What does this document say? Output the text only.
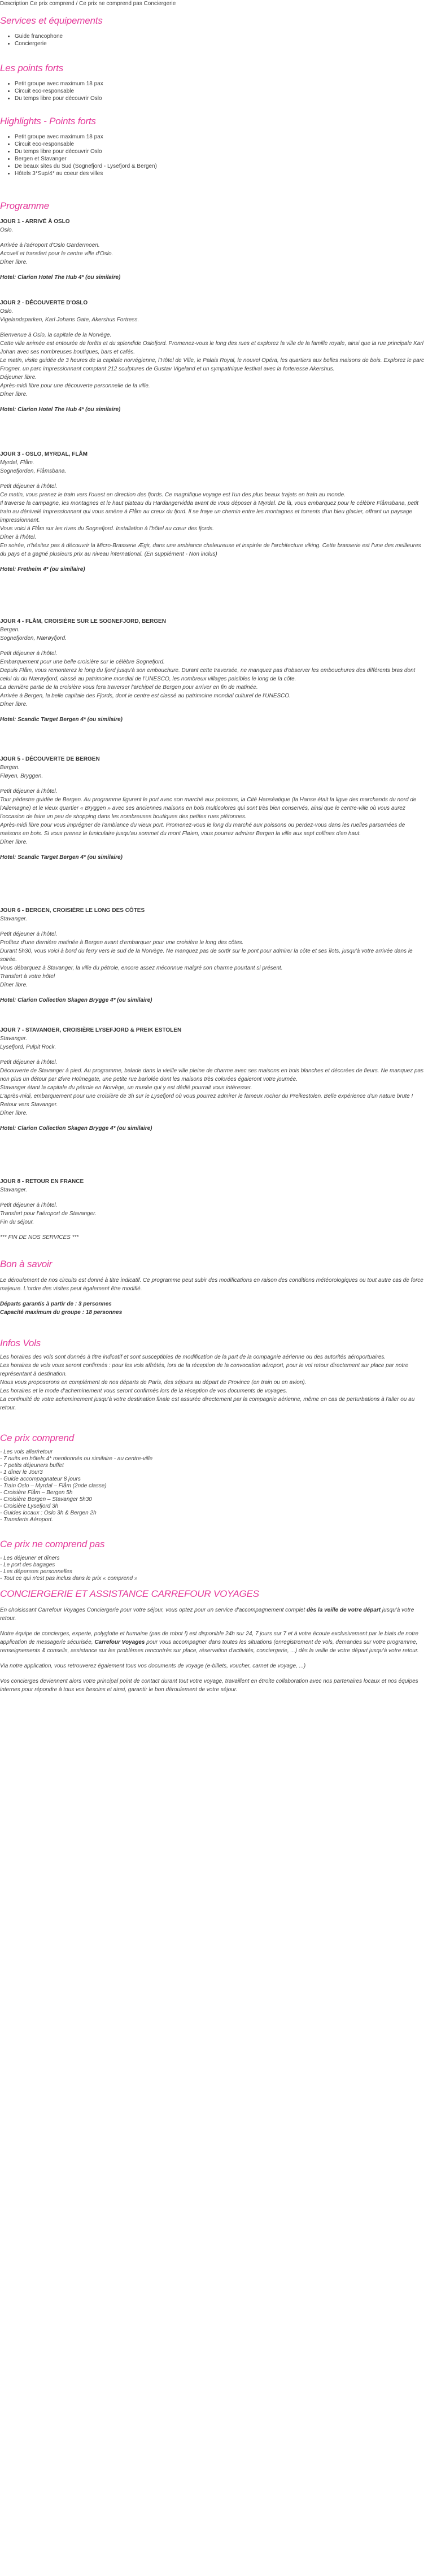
Description Ce prix comprend / Ce prix ne comprend pas Conciergerie

Services et équipements
• Guide francophone
• Conciergerie
Les points forts
• Petit groupe avec maximum 18 pax
• Circuit eco-responsable
• Du temps libre pour découvrir Oslo
Highlights - Points forts
• Petit groupe avec maximum 18 pax
• Circuit eco-responsable
• Du temps libre pour découvrir Oslo
• Bergen et Stavanger
• De beaux sites du Sud (Sognefjord - Lysefjord & Bergen)
• Hôtels 3*Sup/4* au coeur des villes
Programme

JOUR 1 - ARRIVÉ À OSLO

Oslo.

Arrivée à l'aéroport d'Oslo Gardermoen.

Accueil et transfert pour le centre ville d'Oslo.

Dîner libre.

Hotel: Clarion Hotel The Hub 4* (ou similaire)

JOUR 2 - DÉCOUVERTE D'OSLO

Oslo.

Vigelandsparken, Karl Johans Gate, Akershus Fortress.

Bienvenue à Oslo, la capitale de la Norvège.

Cette ville animée est entourée de forêts et du splendide Oslofjord. Promenez-vous le long des rues et explorez la ville de la famille royale, ainsi que la rue principale Karl Johan avec ses nombreuses boutiques, bars et cafés.

Le matin, visite guidée de 3 heures de la capitale norvégienne, l'Hôtel de Ville, le Palais Royal, le nouvel Opéra, les quartiers aux belles maisons de bois. Explorez le parc Frogner, un parc impressionnant comptant 212 sculptures de Gustav Vigeland et un sympathique festival avec la forteresse Akershus.

Déjeuner libre.

Après-midi libre pour une découverte personnelle de la ville.

Dîner libre.

Hotel: Clarion Hotel The Hub 4* (ou similaire)

JOUR 3 - OSLO, MYRDAL, FLÅM

Myrdal, Flåm.

Sognefjorden, Flåmsbana.

Petit déjeuner à l'hôtel.

Ce matin, vous prenez le train vers l'ouest en direction des fjords. Ce magnifique voyage est l'un des plus beaux trajets en train au monde.

Il traverse la campagne, les montagnes et le haut plateau du Hardangervidda avant de vous déposer à Myrdal. De là, vous embarquez pour le célèbre Flåmsbana, petit train au dénivelé impressionnant qui vous amène à Flåm au creux du fjord. Il se fraye un chemin entre les montagnes et torrents d'un bleu glacier, offrant un paysage impressionnant.

Vous voici à Flåm sur les rives du Sognefjord. Installation à l'hôtel au cœur des fjords.

Dîner à l'hôtel.

En soirée, n'hésitez pas à découvrir la Micro-Brasserie Ægir, dans une ambiance chaleureuse et inspirée de l'architecture viking. Cette brasserie est l'une des meilleures du pays et a gagné plusieurs prix au niveau international. (En supplément - Non inclus)

Hotel: Fretheim 4* (ou similaire)

JOUR 4 - FLÅM, CROISIÈRE SUR LE SOGNEFJORD, BERGEN

Bergen.

Sognefjorden, Nærøyfjord.

Petit déjeuner à l'hôtel.

Embarquement pour une belle croisière sur le célèbre Sognefjord.

Depuis Flåm, vous remonterez le long du fjord jusqu'à son embouchure. Durant cette traversée, ne manquez pas d'observer les embouchures des différents bras dont celui du du Nærøyfjord, classé au patrimoine mondial de l'UNESCO, les nombreux villages paisibles le long de la côte.

La dernière partie de la croisière vous fera traverser l'archipel de Bergen pour arriver en fin de matinée.

Arrivée à Bergen, la belle capitale des Fjords, dont le centre est classé au patrimoine mondial culturel de l'UNESCO.

Dîner libre.

Hotel: Scandic Target Bergen 4* (ou similaire)

JOUR 5 - DÉCOUVERTE DE BERGEN

Bergen.

Fløyen, Bryggen.

Petit déjeuner à l'hôtel.

Tour pédestre guidée de Bergen. Au programme figurent le port avec son marché aux poissons, la Cité Hanséatique (la Hanse était la ligue des marchands du nord de l'Allemagne) et le vieux quartier « Bryggen » avec ses anciennes maisons en bois multicolores qui sont très bien conservés, ainsi que le centre-ville où vous aurez l'occasion de faire un peu de shopping dans les nombreuses boutiques des petites rues piétonnes.

Après-midi libre pour vous imprégner de l'ambiance du vieux port. Promenez-vous le long du marché aux poissons ou perdez-vous dans les ruelles parsemées de maisons en bois. Si vous prenez le funiculaire jusqu'au sommet du mont Fløien, vous pourrez admirer Bergen la ville aux sept collines d'en haut.

Dîner libre.

Hotel: Scandic Target Bergen 4* (ou similaire)

JOUR 6 - BERGEN, CROISIÈRE LE LONG DES CÔTES

Stavanger.

Petit déjeuner à l'hôtel.

Profitez d'une dernière matinée à Bergen avant d'embarquer pour une croisière le long des côtes.

Durant 5h30, vous voici à bord du ferry vers le sud de la Norvège. Ne manquez pas de sortir sur le pont pour admirer la côte et ses îlots, jusqu'à votre arrivée dans le soirée.

Vous débarquez à Stavanger, la ville du pétrole, encore assez méconnue malgré son charme pourtant si présent.

Transfert à votre hôtel

Dîner libre.

Hotel: Clarion Collection Skagen Brygge 4* (ou similaire)

JOUR 7 - STAVANGER, CROISIÈRE LYSEFJORD & PREIK ESTOLEN

Stavanger.

Lysefjord, Pulpit Rock.

Petit déjeuner à l'hôtel.

Découverte de Stavanger à pied. Au programme, balade dans la vieille ville pleine de charme avec ses maisons en bois blanches et décorées de fleurs. Ne manquez pas non plus un détour par Øvre Holmegate, une petite rue bariolée dont les maisons très colorées égaieront votre journée.

Stavanger étant la capitale du pétrole en Norvège, un musée qui y est dédié pourrait vous intéresser.

L'après-midi, embarquement pour une croisière de 3h sur le Lysefjord où vous pourrez admirer le fameux rocher du Preikestolen. Belle expérience d'un nature brute !

Retour vers Stavanger.

Dîner libre.

Hotel: Clarion Collection Skagen Brygge 4* (ou similaire)

JOUR 8 - RETOUR EN FRANCE

Stavanger.

Petit déjeuner à l'hôtel.

Transfert pour l'aéroport de Stavanger.

Fin du séjour.

*** FIN DE NOS SERVICES ***

Bon à savoir

Le déroulement de nos circuits est donné à titre indicatif. Ce programme peut subir des modifications en raison des conditions météorologiques ou tout autre cas de force majeure. L'ordre des visites peut également être modifié.

Départs garantis à partir de : 3 personnes

Capacité maximum du groupe : 18 personnes

Infos Vols

Les horaires des vols sont donnés à titre indicatif et sont susceptibles de modification de la part de la compagnie aérienne ou des autorités aéroportuaires.

Les horaires de vols vous seront confirmés : pour les vols affrétés, lors de la réception de la convocation aéroport, pour le vol retour directement sur place par notre représentant à destination.

Nous vous proposerons en complément de nos départs de Paris, des séjours au départ de Province (en train ou en avion).

Les horaires et le mode d'acheminement vous seront confirmés lors de la réception de vos documents de voyages.

La continuité de votre acheminement jusqu'à votre destination finale est assurée directement par la compagnie aérienne, même en cas de perturbations à l'aller ou au retour.

Ce prix comprend

- Les vols aller/retour

- 7 nuits en hôtels 4* mentionnés ou similaire - au centre-ville

- 7 petits déjeuners buffet

- 1 dîner le Jour3

- Guide accompagnateur 8 jours

- Train Oslo – Myrdal – Flåm (2nde classe)

- Croisière Flåm – Bergen 5h

- Croisière Bergen – Stavanger 5h30

- Croisière Lysefjord 3h

- Guides locaux : Oslo 3h & Bergen 2h

- Transferts Aéroport.

Ce prix ne comprend pas

- Les déjeuner et dîners

- Le port des bagages

- Les dépenses personnelles

- Tout ce qui n'est pas inclus dans le prix « comprend »

CONCIERGERIE ET ASSISTANCE CARREFOUR VOYAGES

En choisissant Carrefour Voyages Conciergerie pour votre séjour, vous optez pour un service d'accompagnement complet dès la veille de votre départ jusqu'à votre retour.

Notre équipe de concierges, experte, polyglotte et humaine (pas de robot !) est disponible 24h sur 24, 7 jours sur 7 et à votre écoute exclusivement par le biais de notre application de messagerie sécurisée, Carrefour Voyages pour vous accompagner dans toutes les situations (enregistrement de vols, demandes sur votre programme, renseignements & conseils, assistance sur les problèmes rencontrés sur place, réservation d'activités, conciergerie, ...) dès la veille de votre départ jusqu'à votre retour.

Via notre application, vous retrouverez également tous vos documents de voyage (e-billets, voucher, carnet de voyage, ...)

Vos concierges deviennent alors votre principal point de contact durant tout votre voyage, travaillent en étroite collaboration avec nos partenaires locaux et nos équipes internes pour répondre à tous vos besoins et ainsi, garantir le bon déroulement de votre séjour.
